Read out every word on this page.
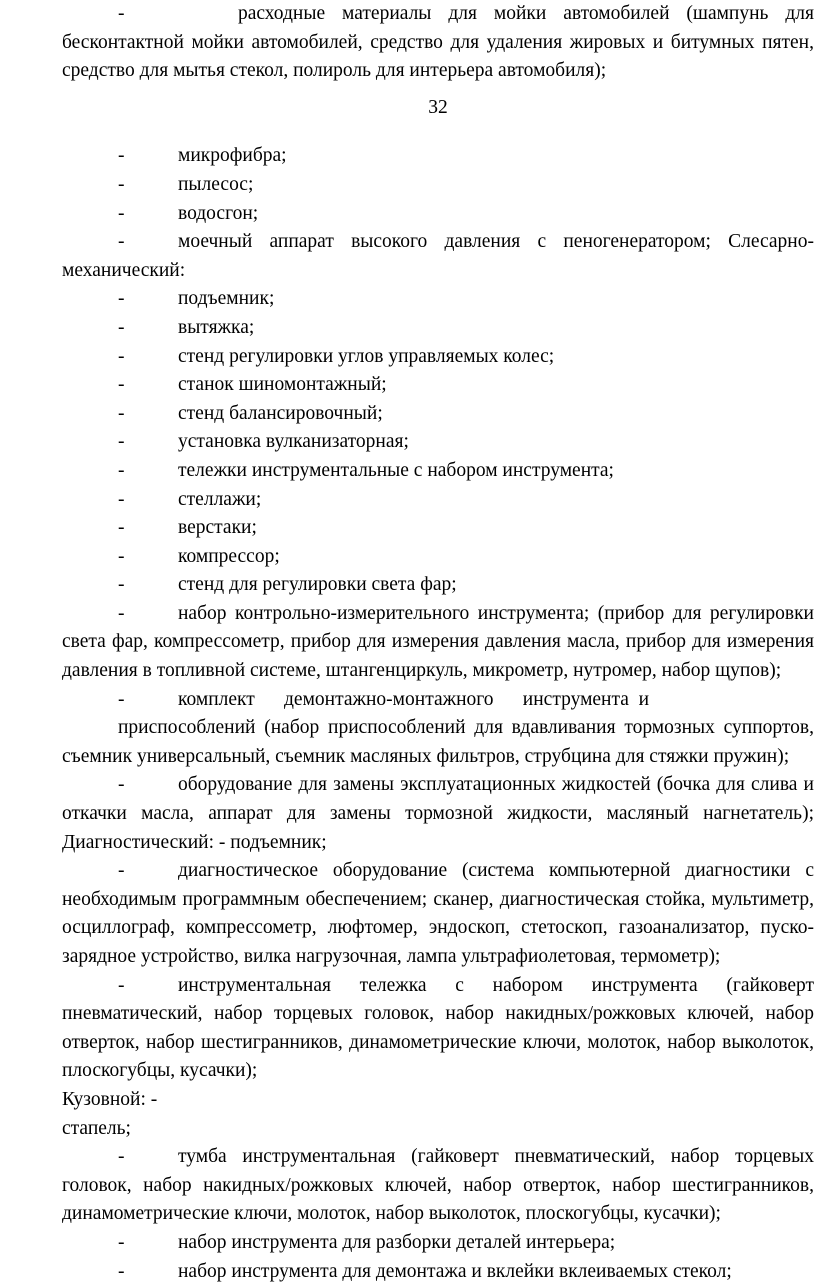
-	расходные материалы для мойки автомобилей (шампунь для бесконтактной мойки автомобилей, средство для удаления жировых и битумных пятен, средство для мытья стекол, полироль для интерьера автомобиля);

32

-	микрофибра;

-	пылесос;

-	водосгон;

-	моечный аппарат высокого давления с пеногенератором; Слесарно-механический:

-	подъемник;

-	вытяжка;

-	стенд регулировки углов управляемых колес;

-	станок шиномонтажный;

-	стенд балансировочный;

-	установка вулканизаторная;

-	тележки инструментальные с набором инструмента;

-	стеллажи;

-	верстаки;

-	компрессор;

-	стенд для регулировки света фар;

-	набор контрольно-измерительного инструмента; (прибор для регулировки света фар, компрессометр, прибор для измерения давления масла, прибор для измерения давления в топливной системе, штангенциркуль, микрометр, нутромер, набор щупов);

-	комплект      демонтажно-монтажного      инструмента  и

приспособлений (набор приспособлений для вдавливания тормозных суппортов, съемник универсальный, съемник масляных фильтров, струбцина для стяжки пружин);

-	оборудование для замены эксплуатационных жидкостей (бочка для слива и откачки масла, аппарат для замены тормозной жидкости, масляный нагнетатель); Диагностический: - подъемник;

-	диагностическое оборудование (система компьютерной диагностики с необходимым программным обеспечением; сканер, диагностическая стойка, мультиметр, осциллограф, компрессометр, люфтомер, эндоскоп, стетоскоп, газоанализатор, пуско-зарядное устройство, вилка нагрузочная, лампа ультрафиолетовая, термометр);

-	инструментальная тележка с набором инструмента (гайковерт пневматический, набор торцевых головок, набор накидных/рожковых ключей, набор отверток, набор шестигранников, динамометрические ключи, молоток, набор выколоток, плоскогубцы, кусачки);

Кузовной: -

стапель;

-	тумба инструментальная (гайковерт пневматический, набор торцевых головок, набор накидных/рожковых ключей, набор отверток, набор шестигранников, динамометрические ключи, молоток, набор выколоток, плоскогубцы, кусачки);

-	набор инструмента для разборки деталей интерьера;

-	набор инструмента для демонтажа и вклейки вклеиваемых стекол;
